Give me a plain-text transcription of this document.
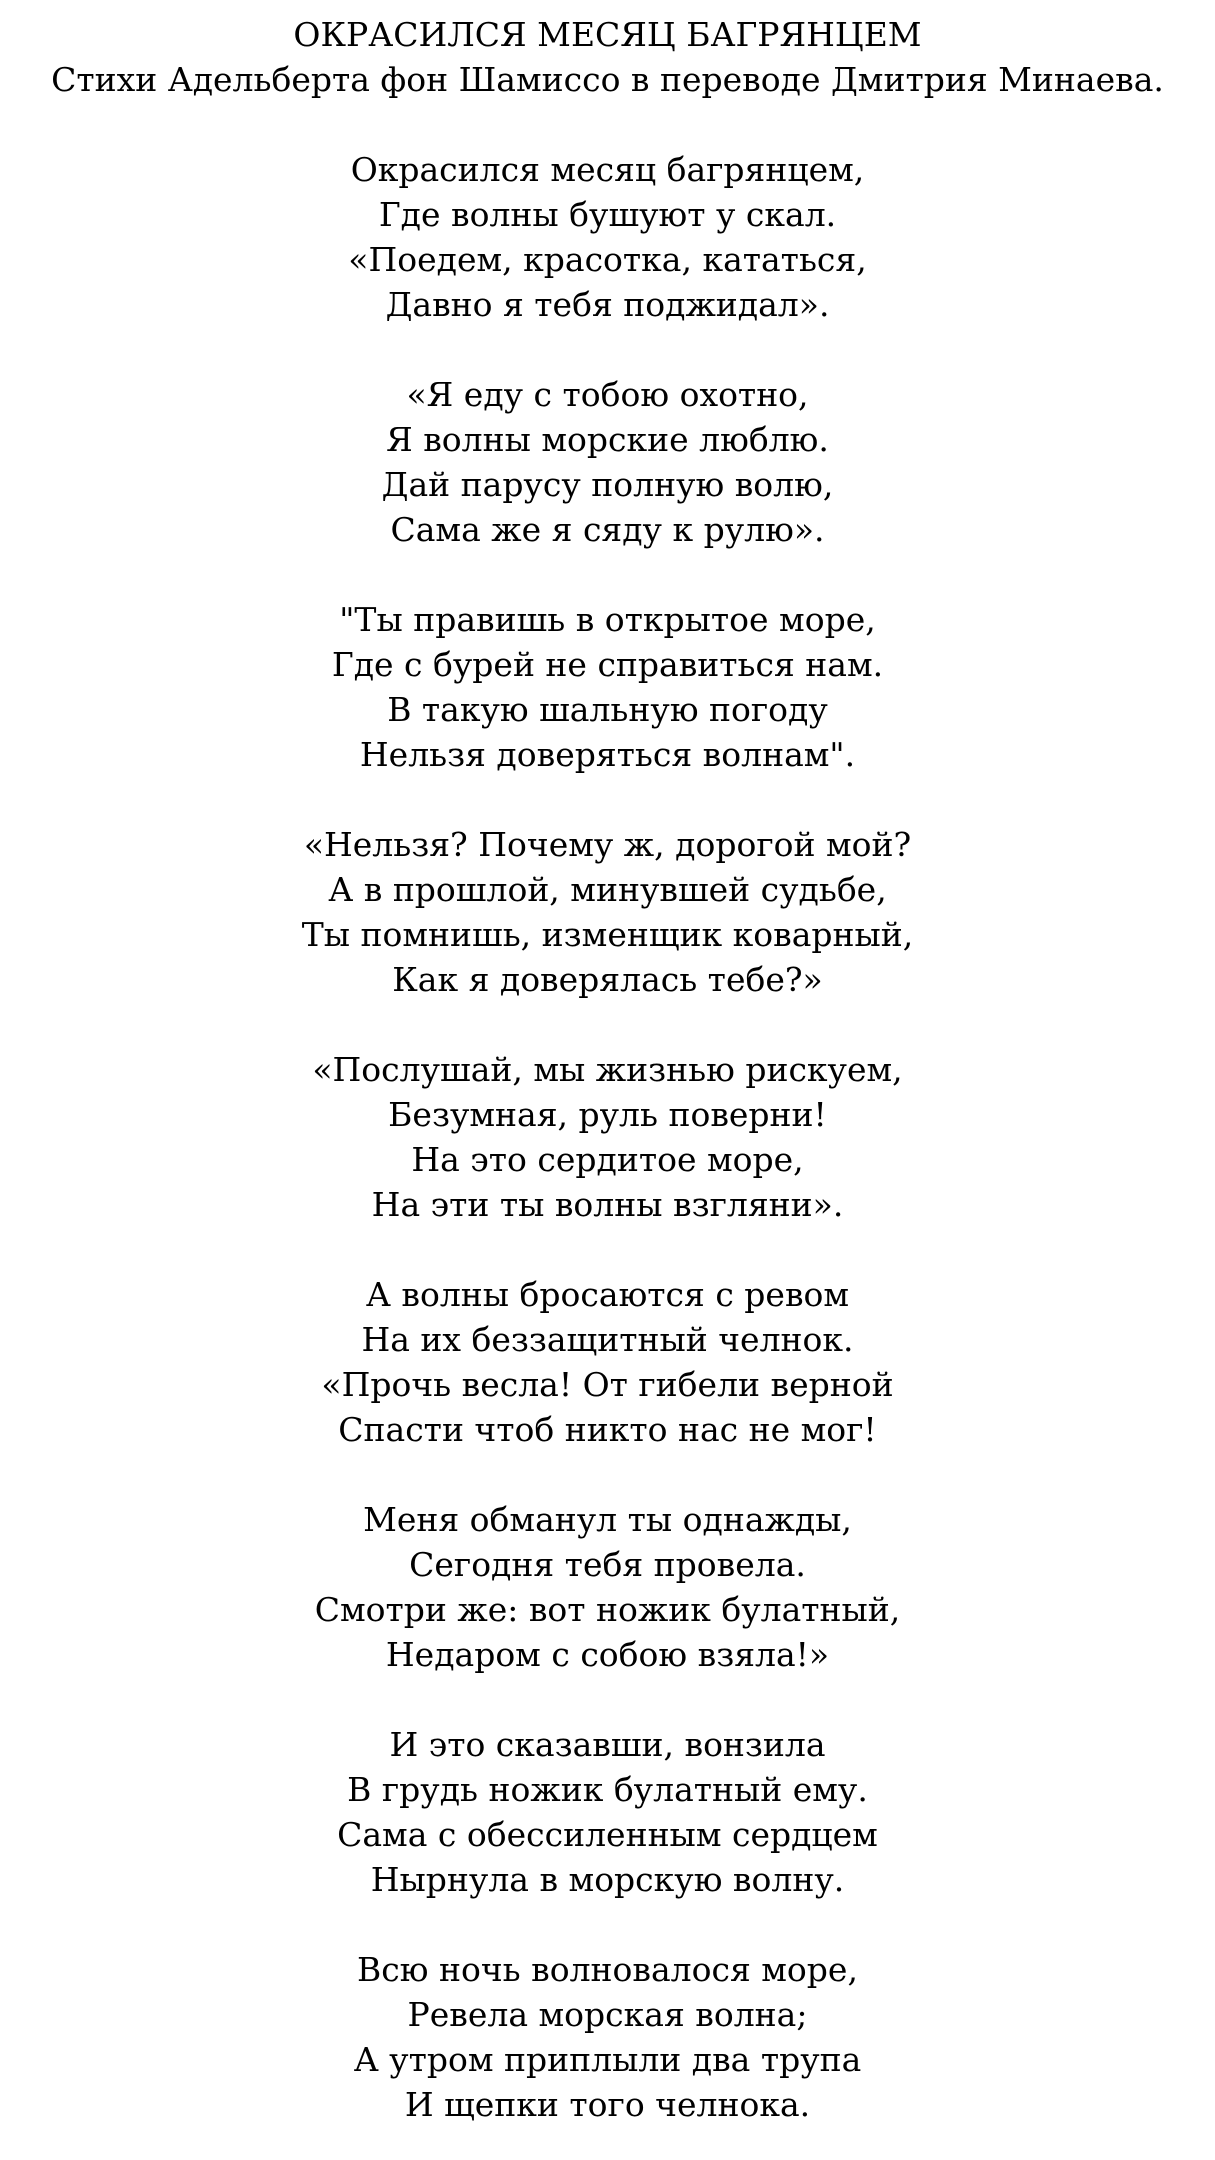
ОКРАСИЛСЯ МЕСЯЦ БАГРЯНЦЕМ
Стихи Адельберта фон Шамиссо в переводе Дмитрия Минаева.
Окрасился месяц багрянцем,
Где волны бушуют у скал.
«Поедем, красотка, кататься,
Давно я тебя поджидал».
«Я еду с тобою охотно,
Я волны морские люблю.
Дай парусу полную волю,
Сама же я сяду к рулю».
"Ты правишь в открытое море,
Где с бурей не справиться нам.
В такую шальную погоду
Нельзя доверяться волнам".
«Нельзя? Почему ж, дорогой мой?
А в прошлой, минувшей судьбе,
Ты помнишь, изменщик коварный,
Как я доверялась тебе?»
«Послушай, мы жизнью рискуем,
Безумная, руль поверни!
На это сердитое море,
На эти ты волны взгляни».
А волны бросаются с ревом
На их беззащитный челнок.
«Прочь весла! От гибели верной
Спасти чтоб никто нас не мог!
Меня обманул ты однажды,
Сегодня тебя провела.
Смотри же: вот ножик булатный,
Недаром с собою взяла!»
И это сказавши, вонзила
В грудь ножик булатный ему.
Сама с обессиленным сердцем
Нырнула в морскую волну.
Всю ночь волновалося море,
Ревела морская волна;
А утром приплыли два трупа
И щепки того челнока.
